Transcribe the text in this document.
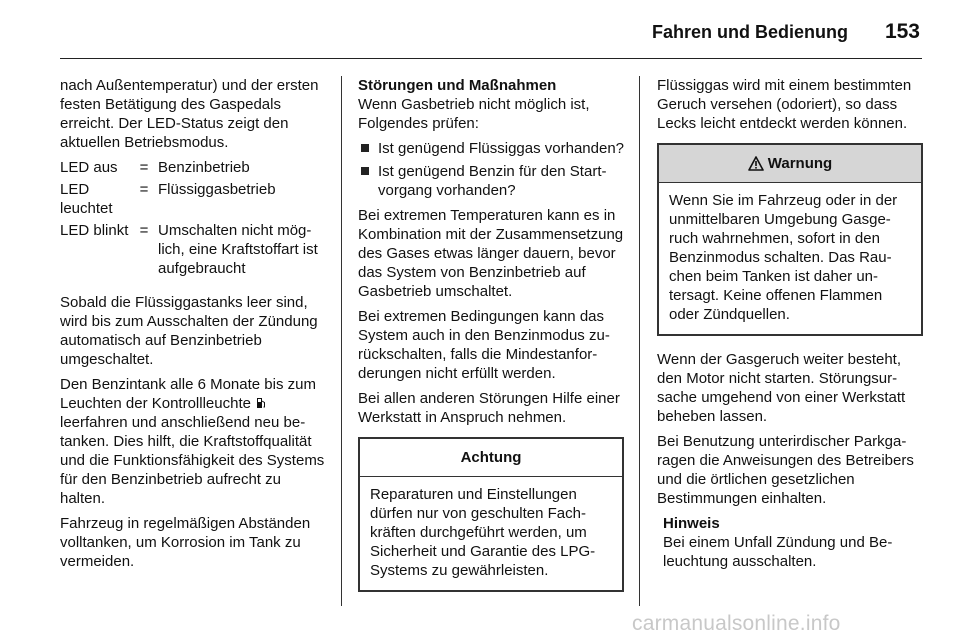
Fahren und Bedienung 153

nach Außentemperatur) und der ersten festen Betätigung des Gaspedals erreicht. Der LED-Status zeigt den aktuellen Betriebsmodus.

LED aus	=	Benzinbetrieb
LED leuchtet	=	Flüssiggasbetrieb
LED blinkt	=	Umschalten nicht möglich, eine Kraftstoffart ist aufgebraucht

Sobald die Flüssiggastanks leer sind, wird bis zum Ausschalten der Zündung automatisch auf Benzinbetrieb umgeschaltet.

Den Benzintank alle 6 Monate bis zum Leuchten der Kontrollleuchte  leerfahren und anschließend neu betanken. Dies hilft, die Kraftstoffqualität und die Funktionsfähigkeit des Systems für den Benzinbetrieb aufrecht zu halten.

Fahrzeug in regelmäßigen Abständen volltanken, um Korrosion im Tank zu vermeiden.

Störungen und Maßnahmen

Wenn Gasbetrieb nicht möglich ist, Folgendes prüfen:

Ist genügend Flüssiggas vorhanden?
Ist genügend Benzin für den Startvorgang vorhanden?

Bei extremen Temperaturen kann es in Kombination mit der Zusammensetzung des Gases etwas länger dauern, bevor das System von Benzinbetrieb auf Gasbetrieb umschaltet.

Bei extremen Bedingungen kann das System auch in den Benzinmodus zurückschalten, falls die Mindestanforderungen nicht erfüllt werden.

Bei allen anderen Störungen Hilfe einer Werkstatt in Anspruch nehmen.

Achtung
Reparaturen und Einstellungen dürfen nur von geschulten Fachkräften durchgeführt werden, um Sicherheit und Garantie des LPG-Systems zu gewährleisten.

Flüssiggas wird mit einem bestimmten Geruch versehen (odoriert), so dass Lecks leicht entdeckt werden können.

Warnung
Wenn Sie im Fahrzeug oder in der unmittelbaren Umgebung Gasgeruch wahrnehmen, sofort in den Benzinmodus schalten. Das Rauchen beim Tanken ist daher untersagt. Keine offenen Flammen oder Zündquellen.

Wenn der Gasgeruch weiter besteht, den Motor nicht starten. Störungsursache umgehend von einer Werkstatt beheben lassen.

Bei Benutzung unterirdischer Parkgaragen die Anweisungen des Betreibers und die örtlichen gesetzlichen Bestimmungen einhalten.

Hinweis
Bei einem Unfall Zündung und Beleuchtung ausschalten.
carmanualsonline.info
